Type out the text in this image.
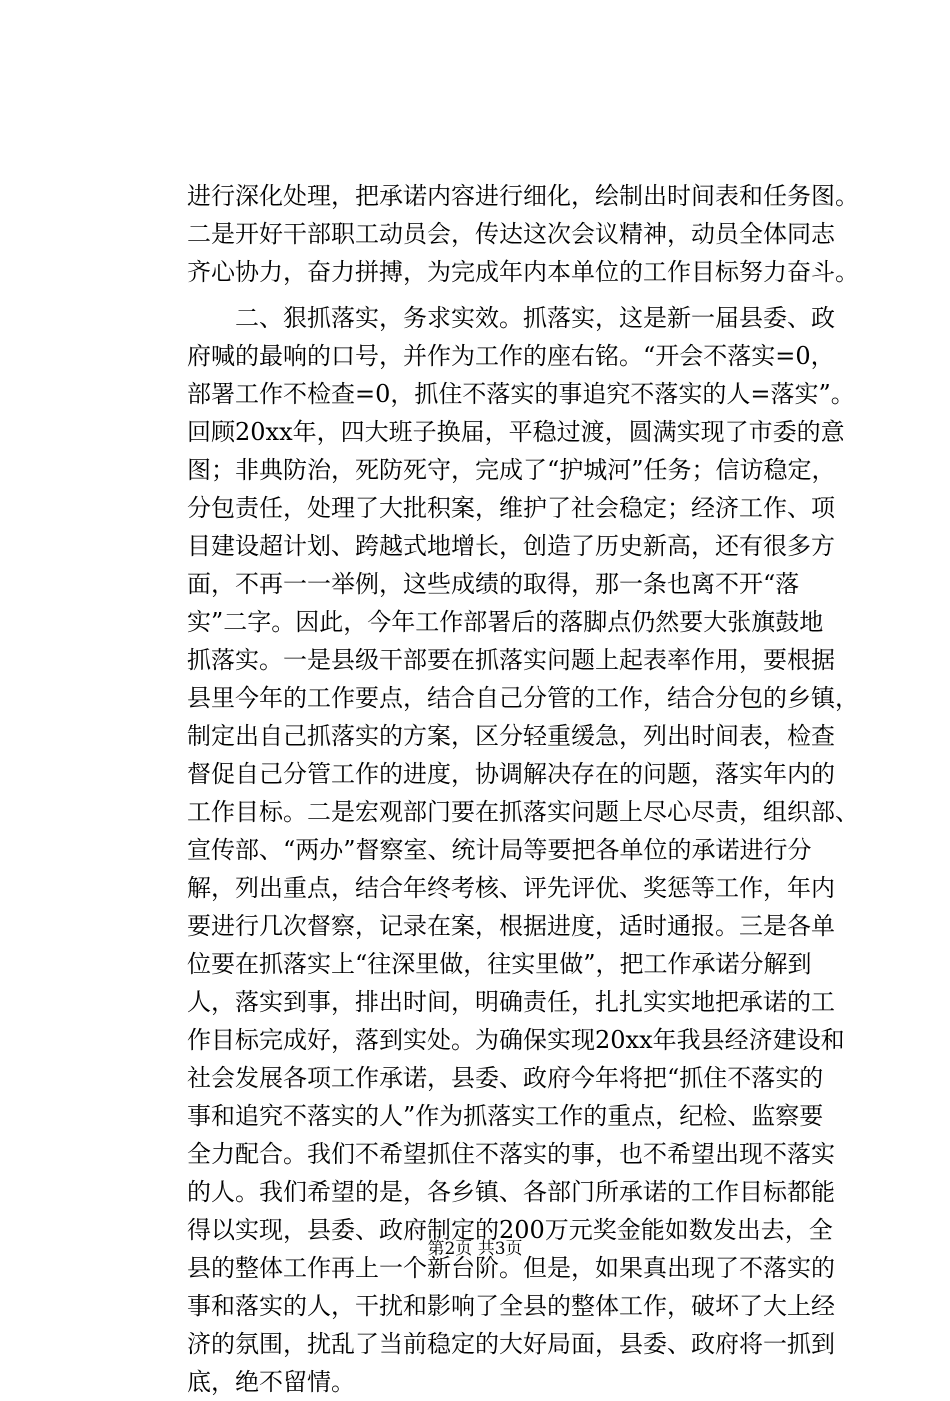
进行深化处理，把承诺内容进行细化，绘制出时间表和任务图。
二是开好干部职工动员会，传达这次会议精神，动员全体同志
齐心协力，奋力拼搏，为完成年内本单位的工作目标努力奋斗。
　　二、狠抓落实，务求实效。抓落实，这是新一届县委、政
府喊的最响的口号，并作为工作的座右铭。“开会不落实=0，
部署工作不检查=0，抓住不落实的事追究不落实的人=落实”。
回顾20xx年，四大班子换届，平稳过渡，圆满实现了市委的意
图；非典防治，死防死守，完成了“护城河”任务；信访稳定，
分包责任，处理了大批积案，维护了社会稳定；经济工作、项
目建设超计划、跨越式地增长，创造了历史新高，还有很多方
面，不再一一举例，这些成绩的取得，那一条也离不开“落
实”二字。因此，今年工作部署后的落脚点仍然要大张旗鼓地
抓落实。一是县级干部要在抓落实问题上起表率作用，要根据
县里今年的工作要点，结合自己分管的工作，结合分包的乡镇，
制定出自己抓落实的方案，区分轻重缓急，列出时间表，检查
督促自己分管工作的进度，协调解决存在的问题，落实年内的
工作目标。二是宏观部门要在抓落实问题上尽心尽责，组织部、
宣传部、“两办”督察室、统计局等要把各单位的承诺进行分
解，列出重点，结合年终考核、评先评优、奖惩等工作，年内
要进行几次督察，记录在案，根据进度，适时通报。三是各单
位要在抓落实上“往深里做，往实里做”，把工作承诺分解到
人，落实到事，排出时间，明确责任，扎扎实实地把承诺的工
作目标完成好，落到实处。为确保实现20xx年我县经济建设和
社会发展各项工作承诺，县委、政府今年将把“抓住不落实的
事和追究不落实的人”作为抓落实工作的重点，纪检、监察要
全力配合。我们不希望抓住不落实的事，也不希望出现不落实
的人。我们希望的是，各乡镇、各部门所承诺的工作目标都能
得以实现，县委、政府制定的200万元奖金能如数发出去，全
县的整体工作再上一个新台阶。但是，如果真出现了不落实的
事和落实的人，干扰和影响了全县的整体工作，破坏了大上经
济的氛围，扰乱了当前稳定的大好局面，县委、政府将一抓到
底，绝不留情。
第2页 共3页
